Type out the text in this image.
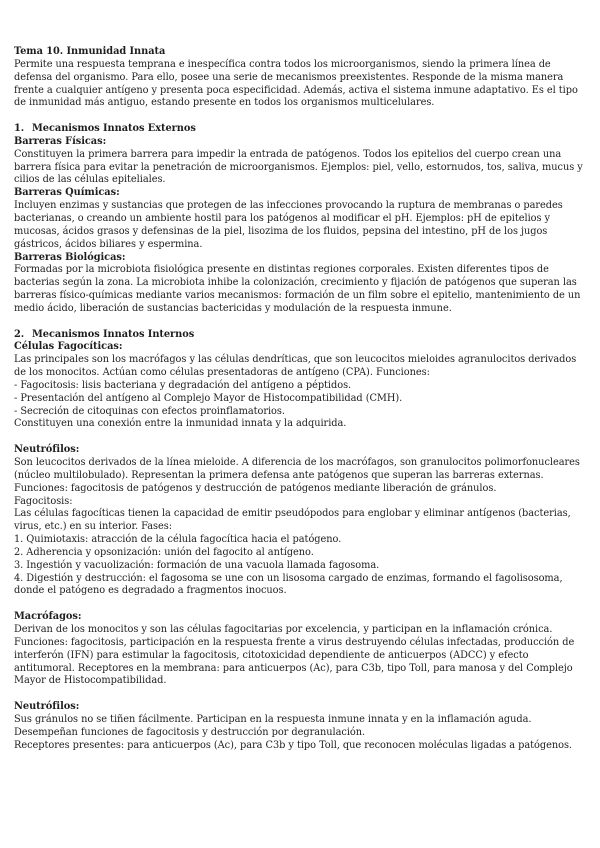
Tema 10. Inmunidad Innata

Permite una respuesta temprana e inespecífica contra todos los microorganismos, siendo la primera línea de defensa del organismo. Para ello, posee una serie de mecanismos preexistentes. Responde de la misma manera frente a cualquier antígeno y presenta poca especificidad. Además, activa el sistema inmune adaptativo. Es el tipo de inmunidad más antiguo, estando presente en todos los organismos multicelulares.

1. Mecanismos Innatos Externos

Barreras Físicas:

Constituyen la primera barrera para impedir la entrada de patógenos. Todos los epitelios del cuerpo crean una barrera física para evitar la penetración de microorganismos. Ejemplos: piel, vello, estornudos, tos, saliva, mucus y cilios de las células epiteliales.

Barreras Químicas:

Incluyen enzimas y sustancias que protegen de las infecciones provocando la ruptura de membranas o paredes bacterianas, o creando un ambiente hostil para los patógenos al modificar el pH. Ejemplos: pH de epitelios y mucosas, ácidos grasos y defensinas de la piel, lisozima de los fluidos, pepsina del intestino, pH de los jugos gástricos, ácidos biliares y espermina.

Barreras Biológicas:

Formadas por la microbiota fisiológica presente en distintas regiones corporales. Existen diferentes tipos de bacterias según la zona. La microbiota inhibe la colonización, crecimiento y fijación de patógenos que superan las barreras físico-químicas mediante varios mecanismos: formación de un film sobre el epitelio, mantenimiento de un medio ácido, liberación de sustancias bactericidas y modulación de la respuesta inmune.

2. Mecanismos Innatos Internos

Células Fagocíticas:

Las principales son los macrófagos y las células dendríticas, que son leucocitos mieloides agranulocitos derivados de los monocitos. Actúan como células presentadoras de antígeno (CPA). Funciones:

- Fagocitosis: lisis bacteriana y degradación del antígeno a péptidos.

- Presentación del antígeno al Complejo Mayor de Histocompatibilidad (CMH).

- Secreción de citoquinas con efectos proinflamatorios.

Constituyen una conexión entre la inmunidad innata y la adquirida.

Neutrófilos:

Son leucocitos derivados de la línea mieloide. A diferencia de los macrófagos, son granulocitos polimorfonucleares (núcleo multilobulado). Representan la primera defensa ante patógenos que superan las barreras externas.

Funciones: fagocitosis de patógenos y destrucción de patógenos mediante liberación de gránulos.

Fagocitosis:

Las células fagocíticas tienen la capacidad de emitir pseudópodos para englobar y eliminar antígenos (bacterias, virus, etc.) en su interior. Fases:

1. Quimiotaxis: atracción de la célula fagocítica hacia el patógeno.

2. Adherencia y opsonización: unión del fagocito al antígeno.

3. Ingestión y vacuolización: formación de una vacuola llamada fagosoma.

4. Digestión y destrucción: el fagosoma se une con un lisosoma cargado de enzimas, formando el fagolisosoma, donde el patógeno es degradado a fragmentos inocuos.

Macrófagos:

Derivan de los monocitos y son las células fagocitarias por excelencia, y participan en la inflamación crónica.

Funciones: fagocitosis, participación en la respuesta frente a virus destruyendo células infectadas, producción de interferón (IFN) para estimular la fagocitosis, citotoxicidad dependiente de anticuerpos (ADCC) y efecto antitumoral. Receptores en la membrana: para anticuerpos (Ac), para C3b, tipo Toll, para manosa y del Complejo Mayor de Histocompatibilidad.

Neutrófilos:

Sus gránulos no se tiñen fácilmente. Participan en la respuesta inmune innata y en la inflamación aguda.

Desempeñan funciones de fagocitosis y destrucción por degranulación.

Receptores presentes: para anticuerpos (Ac), para C3b y tipo Toll, que reconocen moléculas ligadas a patógenos.
